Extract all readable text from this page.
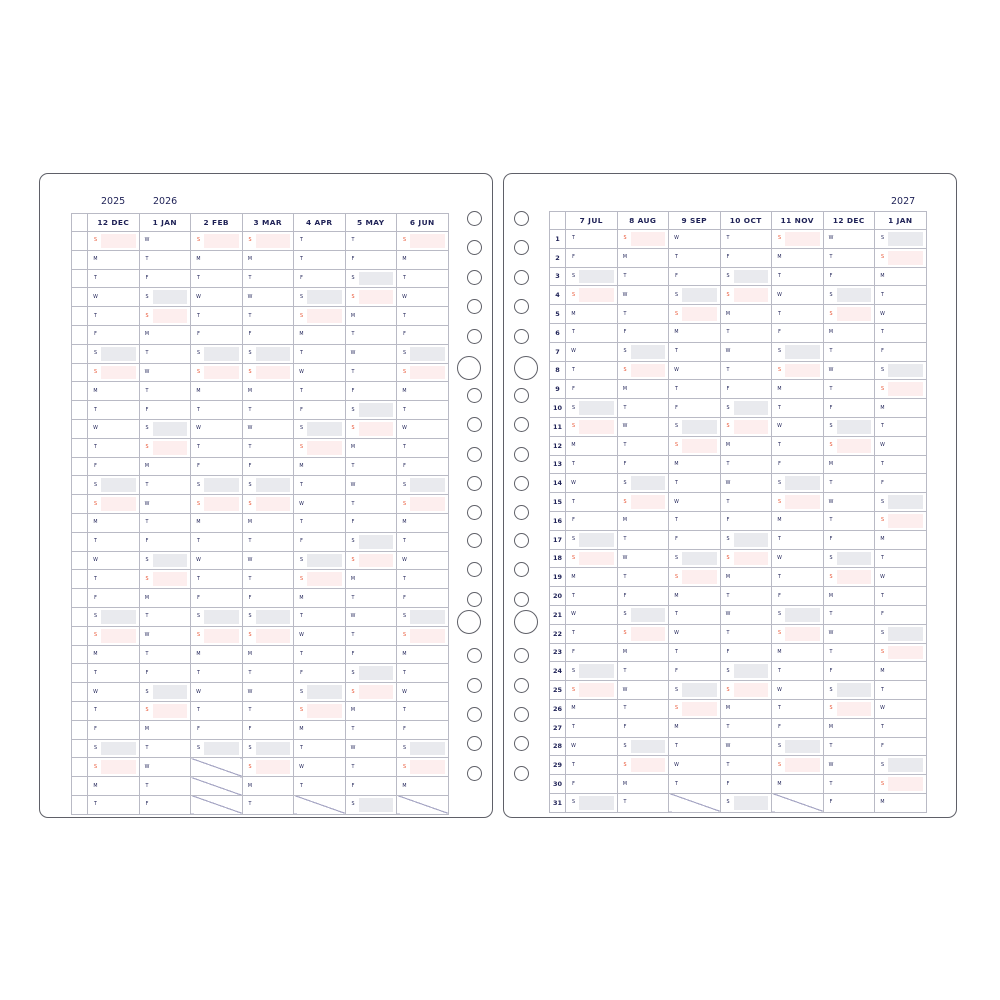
2025	2026
	12 DEC	1 JAN	2 FEB	3 MAR	4 APR	5 MAY	6 JUN

S	W	S	S	T	T	S

M	T	M	M	T	F	M

T	F	T	T	F	S	T

W	S	W	W	S	S	W

T	S	T	T	S	M	T

F	M	F	F	M	T	F

S	T	S	S	T	W	S

S	W	S	S	W	T	S

M	T	M	M	T	F	M

T	F	T	T	F	S	T

W	S	W	W	S	S	W

T	S	T	T	S	M	T

F	M	F	F	M	T	F

S	T	S	S	T	W	S

S	W	S	S	W	T	S

M	T	M	M	T	F	M

T	F	T	T	F	S	T

W	S	W	W	S	S	W

T	S	T	T	S	M	T

F	M	F	F	M	T	F

S	T	S	S	T	W	S

S	W	S	S	W	T	S

M	T	M	M	T	F	M

T	F	T	T	F	S	T

W	S	W	W	S	S	W

T	S	T	T	S	M	T

F	M	F	F	M	T	F

S	T	S	S	T	W	S

S	W		S	W	T	S

M	T		M	T	F	M

T	F		T		S	
2027
	7 JUL	8 AUG	9 SEP	10 OCT	11 NOV	12 DEC	1 JAN
1	T	S	W	T	S	W	S
2	F	M	T	F	M	T	S
3	S	T	F	S	T	F	M
4	S	W	S	S	W	S	T
5	M	T	S	M	T	S	W
6	T	F	M	T	F	M	T
7	W	S	T	W	S	T	F
8	T	S	W	T	S	W	S
9	F	M	T	F	M	T	S
10	S	T	F	S	T	F	M
11	S	W	S	S	W	S	T
12	M	T	S	M	T	S	W
13	T	F	M	T	F	M	T
14	W	S	T	W	S	T	F
15	T	S	W	T	S	W	S
16	F	M	T	F	M	T	S
17	S	T	F	S	T	F	M
18	S	W	S	S	W	S	T
19	M	T	S	M	T	S	W
20	T	F	M	T	F	M	T
21	W	S	T	W	S	T	F
22	T	S	W	T	S	W	S
23	F	M	T	F	M	T	S
24	S	T	F	S	T	F	M
25	S	W	S	S	W	S	T
26	M	T	S	M	T	S	W
27	T	F	M	T	F	M	T
28	W	S	T	W	S	T	F
29	T	S	W	T	S	W	S
30	F	M	T	F	M	T	S
31	S	T		S		F	M
